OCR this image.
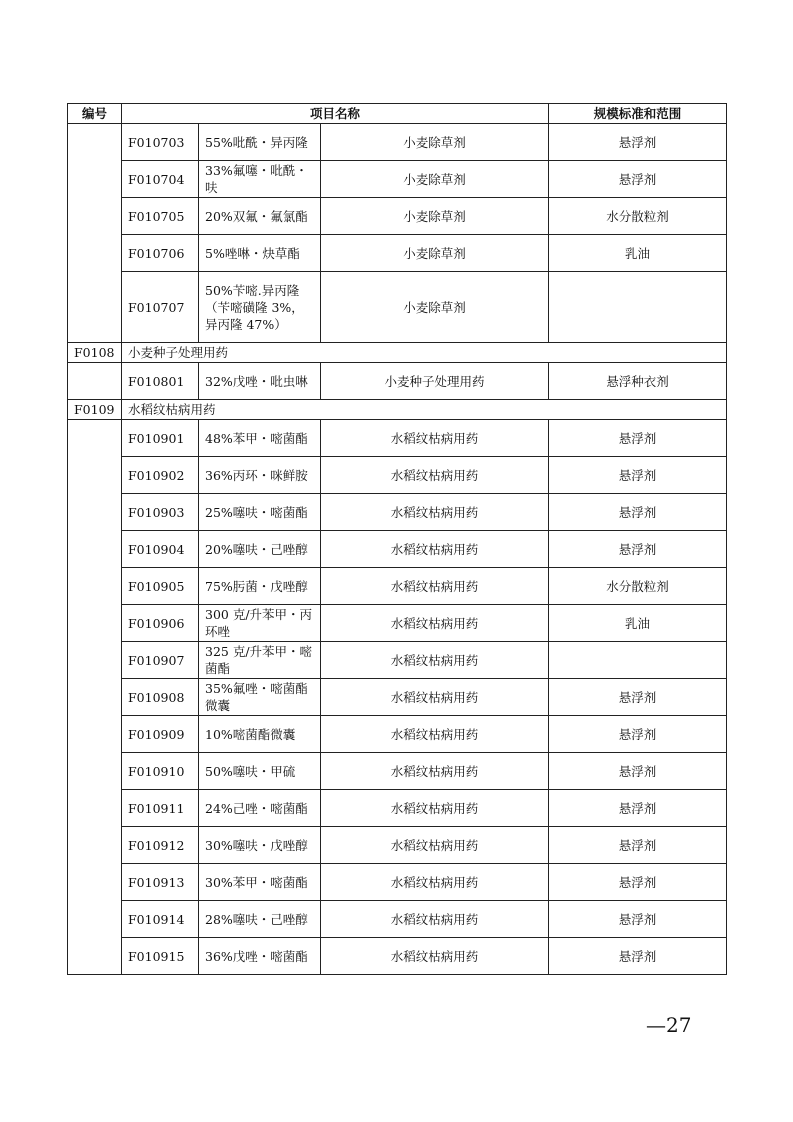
编号	项目名称			规模标准和范围
	F010703	55%吡酰・异丙隆	小麦除草剂	悬浮剂
	F010704	33%氟噻・吡酰・呋	小麦除草剂	悬浮剂
	F010705	20%双氟・氟氯酯	小麦除草剂	水分散粒剂
	F010706	5%唑啉・炔草酯	小麦除草剂	乳油
	F010707	50%苄嘧.异丙隆（苄嘧磺隆 3%，异丙隆 47%）	小麦除草剂	
F0108	小麦种子处理用药			
	F010801	32%戊唑・吡虫啉	小麦种子处理用药	悬浮种衣剂
F0109	水稻纹枯病用药			
	F010901	48%苯甲・嘧菌酯	水稻纹枯病用药	悬浮剂
	F010902	36%丙环・咪鲜胺	水稻纹枯病用药	悬浮剂
	F010903	25%噻呋・嘧菌酯	水稻纹枯病用药	悬浮剂
	F010904	20%噻呋・己唑醇	水稻纹枯病用药	悬浮剂
	F010905	75%肟菌・戊唑醇	水稻纹枯病用药	水分散粒剂
	F010906	300 克/升苯甲・丙环唑	水稻纹枯病用药	乳油
	F010907	325 克/升苯甲・嘧菌酯	水稻纹枯病用药	
	F010908	35%氟唑・嘧菌酯微囊	水稻纹枯病用药	悬浮剂
	F010909	10%嘧菌酯微囊	水稻纹枯病用药	悬浮剂
	F010910	50%噻呋・甲硫	水稻纹枯病用药	悬浮剂
	F010911	24%己唑・嘧菌酯	水稻纹枯病用药	悬浮剂
	F010912	30%噻呋・戊唑醇	水稻纹枯病用药	悬浮剂
	F010913	30%苯甲・嘧菌酯	水稻纹枯病用药	悬浮剂
	F010914	28%噻呋・己唑醇	水稻纹枯病用药	悬浮剂
	F010915	36%戊唑・嘧菌酯	水稻纹枯病用药	悬浮剂
—27
